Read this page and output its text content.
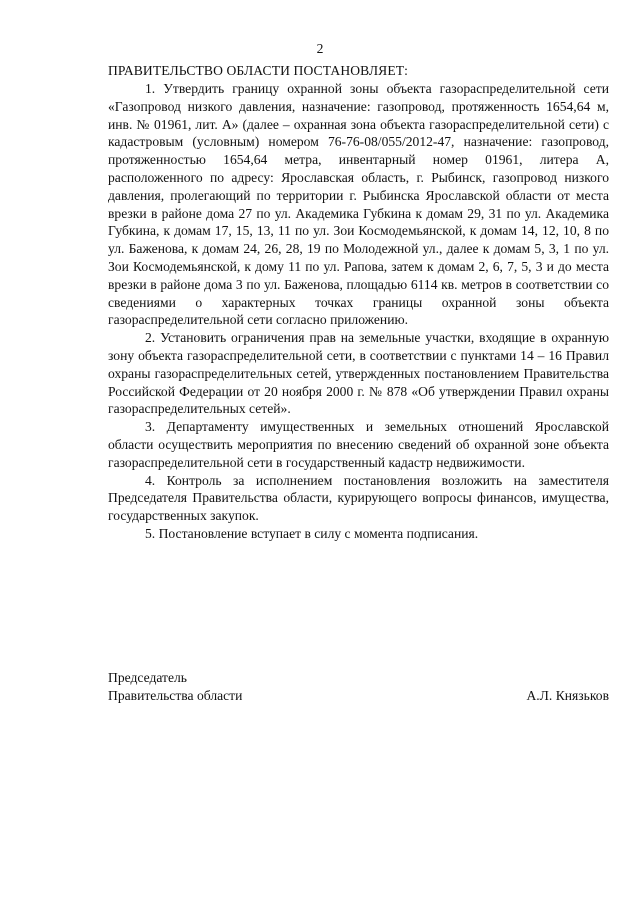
2
ПРАВИТЕЛЬСТВО ОБЛАСТИ ПОСТАНОВЛЯЕТ:

1. Утвердить границу охранной зоны объекта газораспределительной сети «Газопровод низкого давления, назначение: газопровод, протяженность 1654,64 м, инв. № 01961, лит. А» (далее – охранная зона объекта газораспределительной сети) с кадастровым (условным) номером 76-76-08/055/2012-47, назначение: газопровод, протяженностью 1654,64 метра, инвентарный номер 01961, литера А, расположенного по адресу: Ярославская область, г. Рыбинск, газопровод низкого давления, пролегающий по территории г. Рыбинска Ярославской области от места врезки в районе дома 27 по ул. Академика Губкина к домам 29, 31 по ул. Академика Губкина, к домам 17, 15, 13, 11 по ул. Зои Космодемьянской, к домам 14, 12, 10, 8 по ул. Баженова, к домам 24, 26, 28, 19 по Молодежной ул., далее к домам 5, 3, 1 по ул. Зои Космодемьянской, к дому 11 по ул. Рапова, затем к домам 2, 6, 7, 5, 3 и до места врезки в районе дома 3 по ул. Баженова, площадью 6114 кв. метров в соответствии со сведениями о характерных точках границы охранной зоны объекта газораспределительной сети согласно приложению.

2. Установить ограничения прав на земельные участки, входящие в охранную зону объекта газораспределительной сети, в соответствии с пунктами 14 – 16 Правил охраны газораспределительных сетей, утвержденных постановлением Правительства Российской Федерации от 20 ноября 2000 г. № 878 «Об утверждении Правил охраны газораспределительных сетей».

3. Департаменту имущественных и земельных отношений Ярославской области осуществить мероприятия по внесению сведений об охранной зоне объекта газораспределительной сети в государственный кадастр недвижимости.

4. Контроль за исполнением постановления возложить на заместителя Председателя Правительства области, курирующего вопросы финансов, имущества, государственных закупок.

5. Постановление вступает в силу с момента подписания.

Председатель
Правительства области	А.Л. Князьков
